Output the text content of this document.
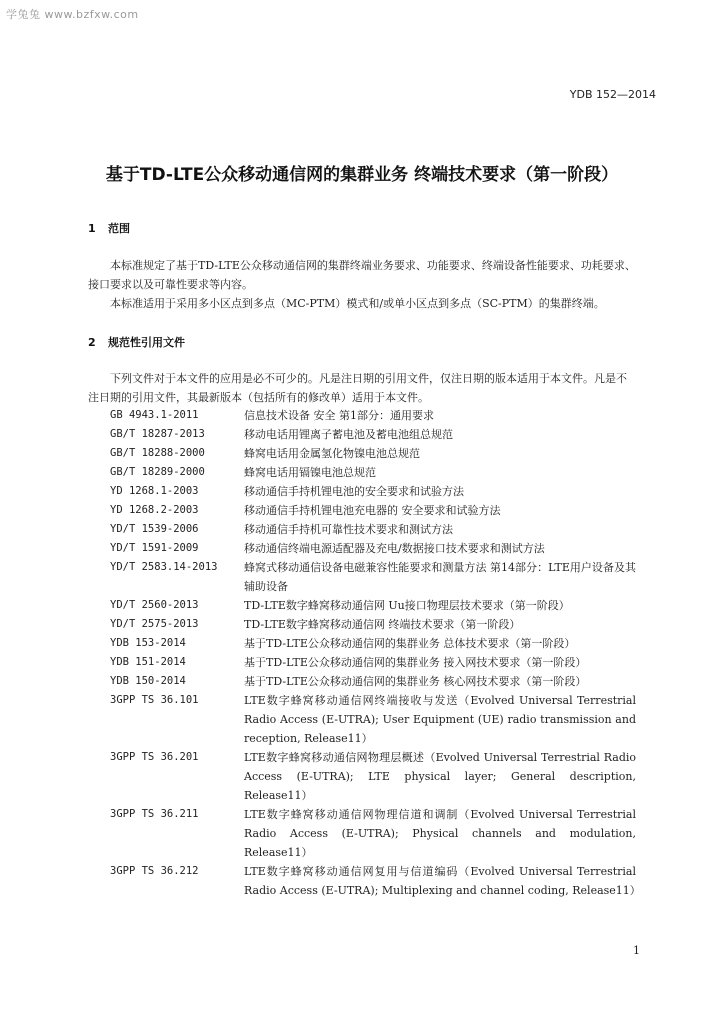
学兔兔 www.bzfxw.com
YDB 152—2014
基于TD-LTE公众移动通信网的集群业务 终端技术要求（第一阶段）
1 范围

本标准规定了基于TD-LTE公众移动通信网的集群终端业务要求、功能要求、终端设备性能要求、功耗要求、接口要求以及可靠性要求等内容。

本标准适用于采用多小区点到多点（MC-PTM）模式和/或单小区点到多点（SC-PTM）的集群终端。

2 规范性引用文件

下列文件对于本文件的应用是必不可少的。凡是注日期的引用文件，仅注日期的版本适用于本文件。凡是不注日期的引用文件，其最新版本（包括所有的修改单）适用于本文件。

GB 4943.1-2011	信息技术设备 安全 第1部分：通用要求
GB/T 18287-2013	移动电话用锂离子蓄电池及蓄电池组总规范
GB/T 18288-2000	蜂窝电话用金属氢化物镍电池总规范
GB/T 18289-2000	蜂窝电话用镉镍电池总规范
YD 1268.1-2003	移动通信手持机锂电池的安全要求和试验方法
YD 1268.2-2003	移动通信手持机锂电池充电器的 安全要求和试验方法
YD/T 1539-2006	移动通信手持机可靠性技术要求和测试方法
YD/T 1591-2009	移动通信终端电源适配器及充电/数据接口技术要求和测试方法
YD/T 2583.14-2013	蜂窝式移动通信设备电磁兼容性能要求和测量方法 第14部分：LTE用户设备及其辅助设备
YD/T 2560-2013	TD-LTE数字蜂窝移动通信网 Uu接口物理层技术要求（第一阶段）
YD/T 2575-2013	TD-LTE数字蜂窝移动通信网 终端技术要求（第一阶段）
YDB 153-2014	基于TD-LTE公众移动通信网的集群业务 总体技术要求（第一阶段）
YDB 151-2014	基于TD-LTE公众移动通信网的集群业务 接入网技术要求（第一阶段）
YDB 150-2014	基于TD-LTE公众移动通信网的集群业务 核心网技术要求（第一阶段）
3GPP TS 36.101	LTE数字蜂窝移动通信网终端接收与发送（Evolved Universal Terrestrial Radio Access (E-UTRA); User Equipment (UE) radio transmission and reception, Release11）
3GPP TS 36.201	LTE数字蜂窝移动通信网物理层概述（Evolved Universal Terrestrial Radio Access (E-UTRA); LTE physical layer; General description, Release11）
3GPP TS 36.211	LTE数字蜂窝移动通信网物理信道和调制（Evolved Universal Terrestrial Radio Access (E-UTRA); Physical channels and modulation, Release11）
3GPP TS 36.212	LTE数字蜂窝移动通信网复用与信道编码（Evolved Universal Terrestrial Radio Access (E-UTRA); Multiplexing and channel coding, Release11）
1
